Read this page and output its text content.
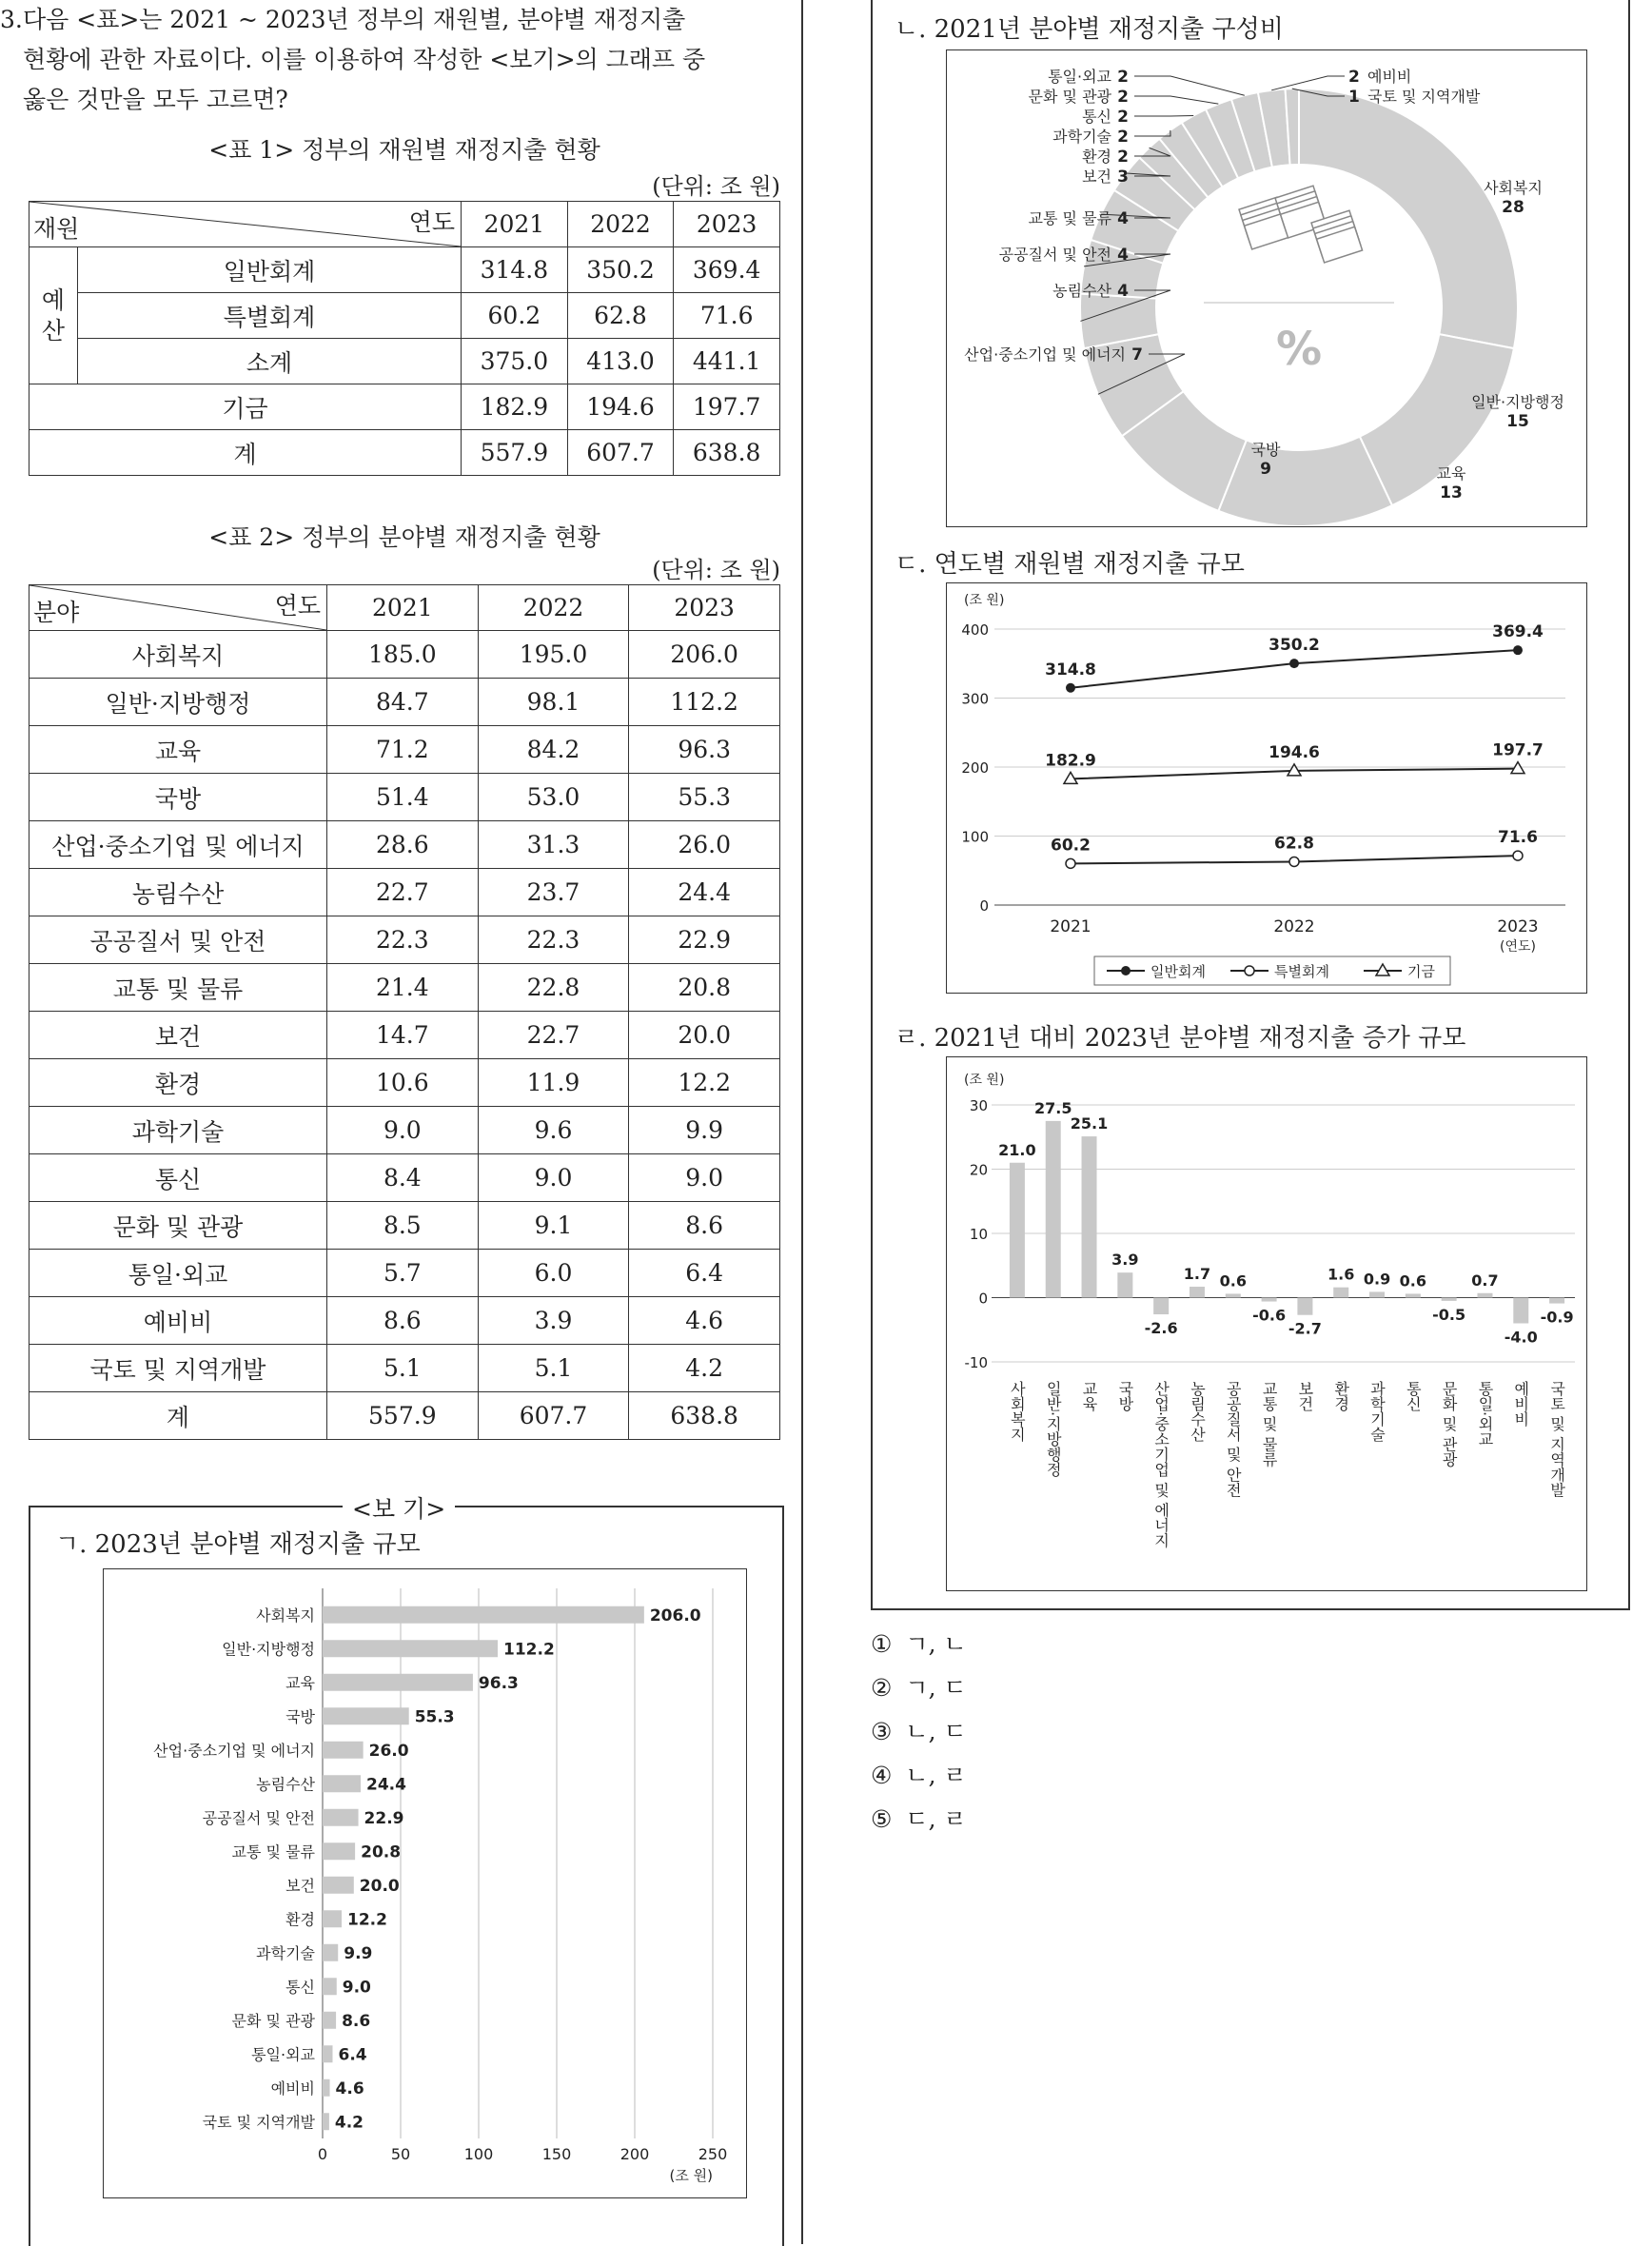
3. 다음 <표>는 2021 ~ 2023년 정부의 재원별, 분야별 재정지출
현황에 관한 자료이다. 이를 이용하여 작성한 <보기>의 그래프 중
옳은 것만을 모두 고르면?
<표 1> 정부의 재원별 재정지출 현황
(단위: 조 원)
연도
재원		2021	2022	2023
예산	일반회계	314.8	350.2	369.4
	특별회계	60.2	62.8	71.6
	소계	375.0	413.0	441.1
기금		182.9	194.6	197.7
계		557.9	607.7	638.8
<표 2> 정부의 분야별 재정지출 현황
(단위: 조 원)
연도
분야	2021	2022	2023
사회복지	185.0	195.0	206.0
일반·지방행정	84.7	98.1	112.2
교육	71.2	84.2	96.3
국방	51.4	53.0	55.3
산업·중소기업 및 에너지	28.6	31.3	26.0
농림수산	22.7	23.7	24.4
공공질서 및 안전	22.3	22.3	22.9
교통 및 물류	21.4	22.8	20.8
보건	14.7	22.7	20.0
환경	10.6	11.9	12.2
과학기술	9.0	9.6	9.9
통신	8.4	9.0	9.0
문화 및 관광	8.5	9.1	8.6
통일·외교	5.7	6.0	6.4
예비비	8.6	3.9	4.6
국토 및 지역개발	5.1	5.1	4.2
계	557.9	607.7	638.8
<보 기>
ㄱ. 2023년 분야별 재정지출 규모
0	50	100	150	200	250
(조 원)
사회복지	206.0
일반·지방행정	112.2
교육	96.3
국방	55.3
산업·중소기업 및 에너지	26.0
농림수산	24.4
공공질서 및 안전	22.9
교통 및 물류	20.8
보건	20.0
환경 12.2
과학기술 9.9
통신 9.0
문화 및 관광 8.6
통일·외교 6.4
예비비 4.6
국토 및 지역개발 4.2
ㄴ. 2021년 분야별 재정지출 구성비
%
사회복지
28
일반·지방행정
15
교육
13
국방
9
산업·중소기업 및 에너지 7
농림수산 4
공공질서 및 안전 4
교통 및 물류 4
보건 3
환경 2
과학기술 2
통신 2
문화 및 관광 2
통일·외교 2	2 예비비
1 국토 및 지역개발
ㄷ. 연도별 재원별 재정지출 규모
(조 원)
0
100
200
300
400
2021	2022	2023
(연도)
314.8
350.2
369.4
60.2	62.8	71.6
182.9	194.6	197.7
일반회계	특별회계	기금
ㄹ. 2021년 대비 2023년 분야별 재정지출 증가 규모
(조 원)
-10
0
10
20
30
21.0
사회복지
27.5
일반·지방행정
25.1
교육
3.9
국방
-2.6
산업·중소기업 및 에너지
1.7
농림수산
0.6
공공질서 및 안전
-0.6
교통 및 물류
-2.7
보건
1.6
환경
0.9
과학기술
0.6
통신
-0.5
문화 및 관광
0.7
통일·외교
-4.0
예비비
-0.9
국토 및 지역개발
① ㄱ, ㄴ
② ㄱ, ㄷ
③ ㄴ, ㄷ
④ ㄴ, ㄹ
⑤ ㄷ, ㄹ
